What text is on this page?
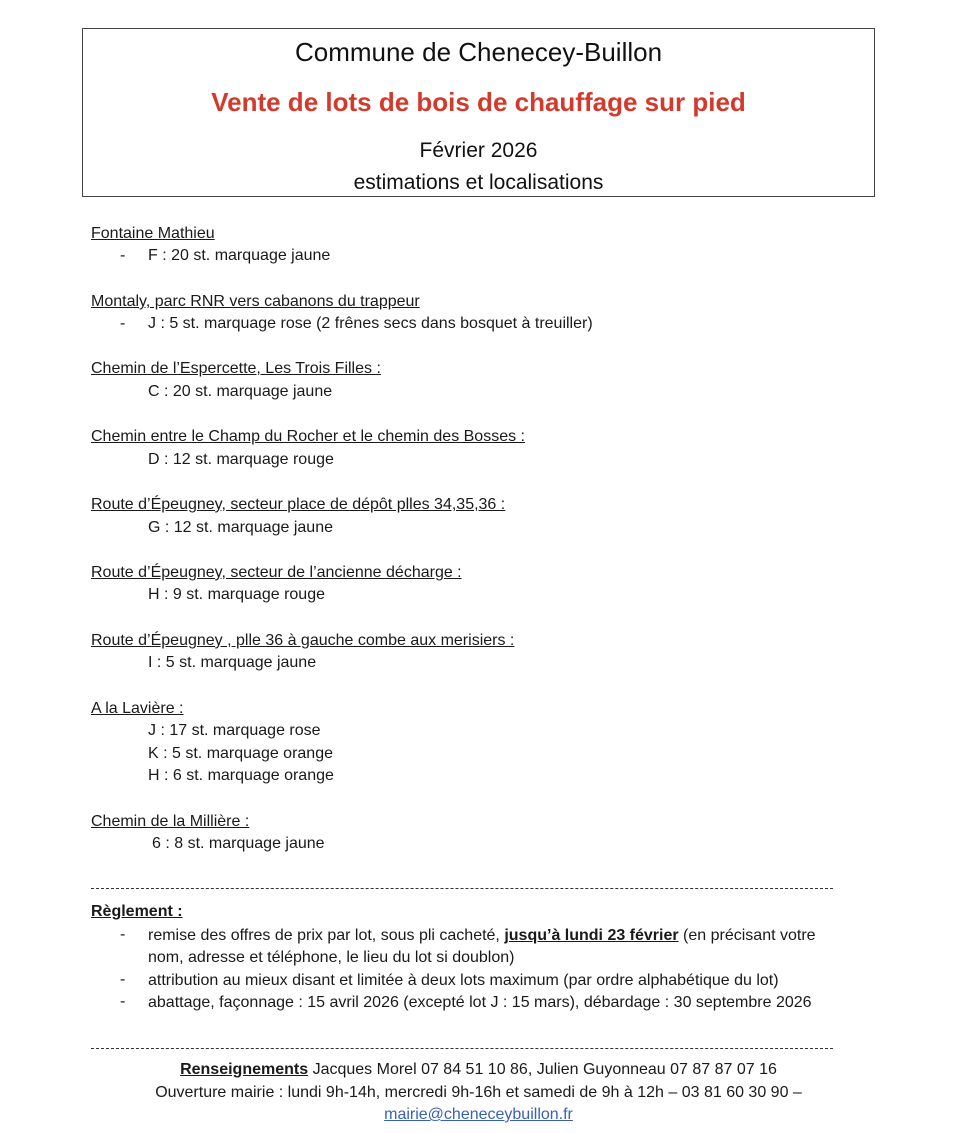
Commune de Chenecey-Buillon
Vente de lots de bois de chauffage sur pied
Février 2026
estimations et localisations
Fontaine Mathieu
- F : 20 st. marquage jaune
Montaly, parc RNR vers cabanons du trappeur
- J : 5 st. marquage rose (2 frênes secs dans bosquet à treuiller)
Chemin de l’Espercette, Les Trois Filles :
C : 20 st. marquage jaune
Chemin entre le Champ du Rocher et le chemin des Bosses :
D : 12 st. marquage rouge
Route d’Épeugney, secteur place de dépôt plles 34,35,36 :
G : 12 st. marquage jaune
Route d’Épeugney, secteur de l’ancienne décharge :
H : 9 st. marquage rouge
Route d’Épeugney , plle 36 à gauche combe aux merisiers :
I : 5 st. marquage jaune
A la Lavière :
J : 17 st. marquage rose
K : 5 st. marquage orange
H : 6 st. marquage orange
Chemin de la Millière :
6 : 8 st. marquage jaune
Règlement :
- remise des offres de prix par lot, sous pli cacheté, jusqu’à lundi 23 février (en précisant votre
nom, adresse et téléphone, le lieu du lot si doublon)
- attribution au mieux disant et limitée à deux lots maximum (par ordre alphabétique du lot)
- abattage, façonnage : 15 avril 2026 (excepté lot J : 15 mars), débardage : 30 septembre 2026
Renseignements Jacques Morel 07 84 51 10 86, Julien Guyonneau 07 87 87 07 16
Ouverture mairie : lundi 9h-14h, mercredi 9h-16h et samedi de 9h à 12h – 03 81 60 30 90 –
mairie@cheneceybuillon.fr
